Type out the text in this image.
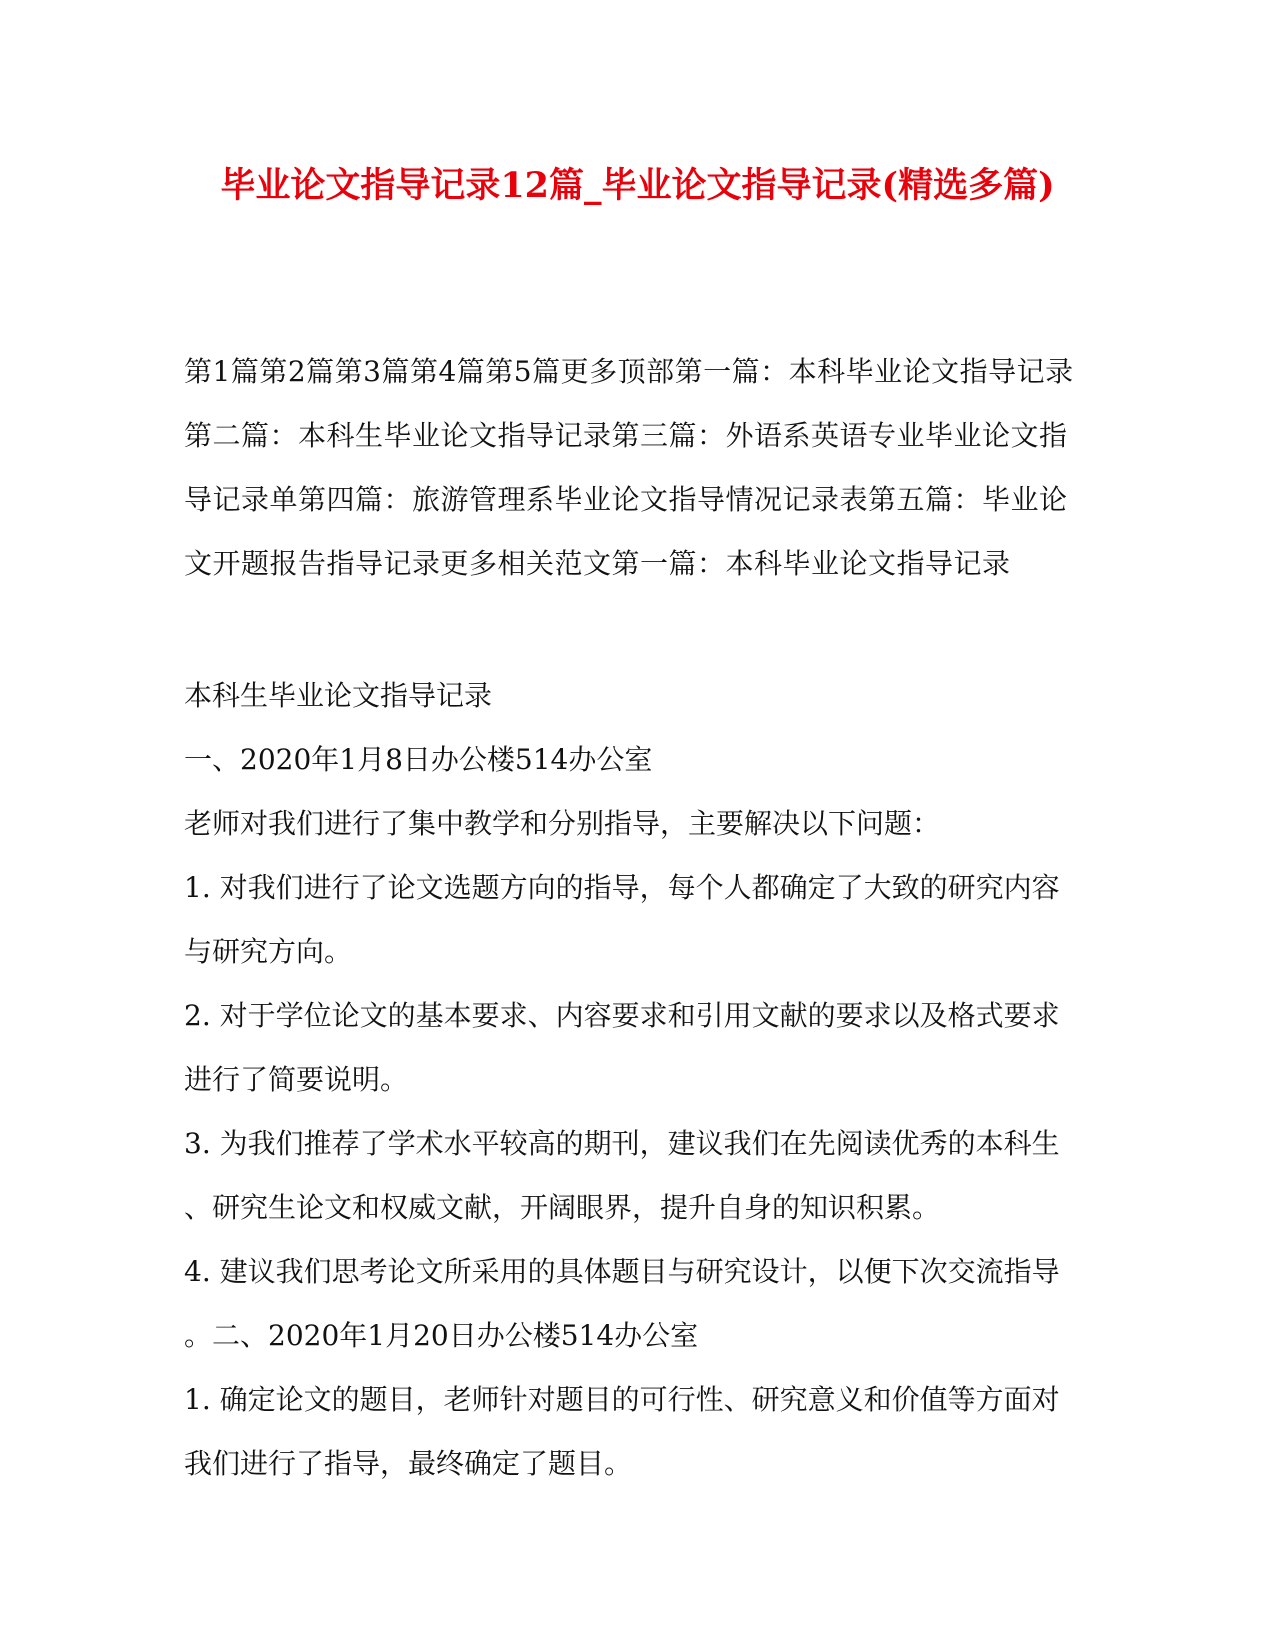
毕业论文指导记录12篇_毕业论文指导记录(精选多篇)
第1篇第2篇第3篇第4篇第5篇更多顶部第一篇：本科毕业论文指导记录
第二篇：本科生毕业论文指导记录第三篇：外语系英语专业毕业论文指
导记录单第四篇：旅游管理系毕业论文指导情况记录表第五篇：毕业论
文开题报告指导记录更多相关范文第一篇：本科毕业论文指导记录
本科生毕业论文指导记录
一、2020年1月8日办公楼514办公室
老师对我们进行了集中教学和分别指导，主要解决以下问题：
1. 对我们进行了论文选题方向的指导，每个人都确定了大致的研究内容
与研究方向。
2. 对于学位论文的基本要求、内容要求和引用文献的要求以及格式要求
进行了简要说明。
3. 为我们推荐了学术水平较高的期刊，建议我们在先阅读优秀的本科生
、研究生论文和权威文献，开阔眼界，提升自身的知识积累。
4. 建议我们思考论文所采用的具体题目与研究设计，以便下次交流指导
。二、2020年1月20日办公楼514办公室
1. 确定论文的题目，老师针对题目的可行性、研究意义和价值等方面对
我们进行了指导，最终确定了题目。
